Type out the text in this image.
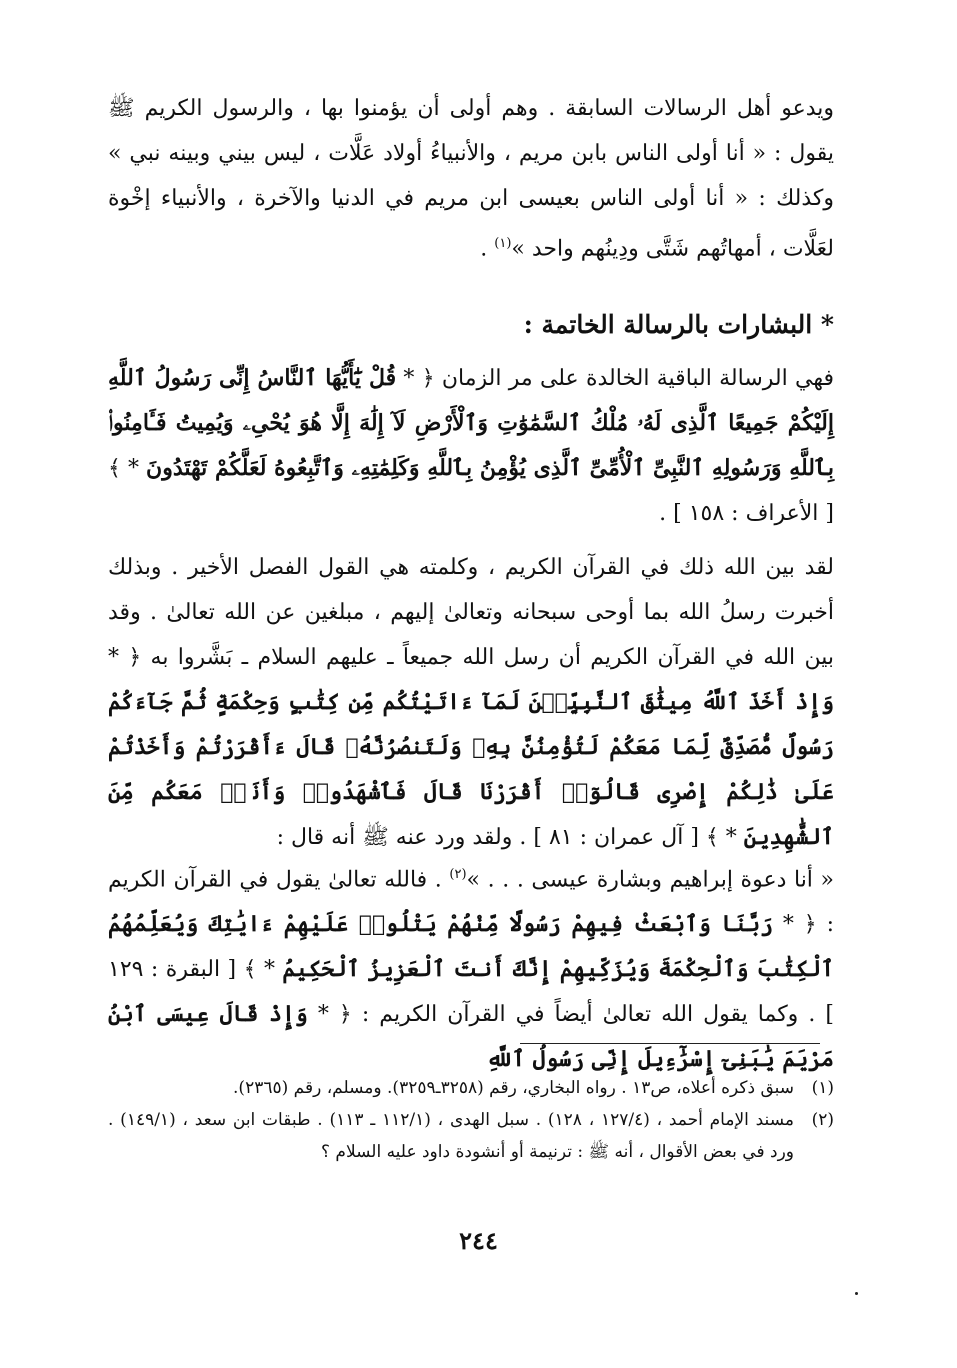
ويدعو أهل الرسالات السابقة . وهم أولى أن يؤمنوا بها ، والرسول الكريم ﷺ يقول : « أنا أولى الناس بابن مريم ، والأنبياءُ أولاد عَلَّات ، ليس بيني وبينه نبي » وكذلك : « أنا أولى الناس بعيسى ابن مريم في الدنيا والآخرة ، والأنبياء إخْوة لعَلَّات ، أمهاتُهم شَتَّى ودِينُهم واحد »$^{(١)}$ .

* البشارات بالرسالة الخاتمة :

فهي الرسالة الباقية الخالدة على مر الزمان ﴿ * قُلْ يَٰٓأَيُّهَا ٱلنَّاسُ إِنِّى رَسُولُ ٱللَّهِ إِلَيْكُمْ جَمِيعًا ٱلَّذِى لَهُۥ مُلْكُ ٱلسَّمَٰوَٰتِ وَٱلْأَرْضِ لَآ إِلَٰهَ إِلَّا هُوَ يُحْىِۦ وَيُمِيتُ فَـَٔامِنُوا۟ بِٱللَّهِ وَرَسُولِهِ ٱلنَّبِىِّ ٱلْأُمِّىِّ ٱلَّذِى يُؤْمِنُ بِٱللَّهِ وَكَلِمَٰتِهِۦ وَٱتَّبِعُوهُ لَعَلَّكُمْ تَهْتَدُونَ * ﴾ [ الأعراف : ١٥٨ ] .

لقد بين الله ذلك في القرآن الكريم ، وكلمته هي القول الفصل الأخير . وبذلك أخبرت رسلُ الله بما أوحى سبحانه وتعالىٰ إليهم ، مبلغين عن الله تعالىٰ . وقد بين الله في القرآن الكريم أن رسل الله جميعاً ـ عليهم السلام ـ بَشَّروا به ﴿ * وَإِذْ أَخَذَ ٱللَّهُ مِيثَٰقَ ٱلنَّبِيِّـۧنَ لَمَآ ءَاتَيْتُكُم مِّن كِتَٰبٍ وَحِكْمَةٍ ثُمَّ جَآءَكُمْ رَسُولٌ مُّصَدِّقٌ لِّمَا مَعَكُمْ لَتُؤْمِنُنَّ بِهِۦ وَلَتَنصُرُنَّهُۥ قَالَ ءَأَقْرَرْتُمْ وَأَخَذْتُمْ عَلَىٰ ذَٰلِكُمْ إِصْرِى قَالُوٓا۟ أَقْرَرْنَا قَالَ فَٱشْهَدُوا۟ وَأَنَا۠ مَعَكُم مِّنَ ٱلشَّٰهِدِينَ * ﴾ [ آل عمران : ٨١ ] . ولقد ورد عنه ﷺ أنه قال :

« أنا دعوة إبراهيم وبشارة عيسى . . . »$^{(٢)}$ . فالله تعالىٰ يقول في القرآن الكريم : ﴿ * رَبَّنَا وَٱبْعَثْ فِيهِمْ رَسُولًا مِّنْهُمْ يَتْلُوا۟ عَلَيْهِمْ ءَايَٰتِكَ وَيُعَلِّمُهُمُ ٱلْكِتَٰبَ وَٱلْحِكْمَةَ وَيُزَكِّيهِمْ إِنَّكَ أَنتَ ٱلْعَزِيزُ ٱلْحَكِيمُ * ﴾ [ البقرة : ١٢٩ ] . وكما يقول الله تعالىٰ أيضاً في القرآن الكريم : ﴿ * وَإِذْ قَالَ عِيسَى ٱبْنُ مَرْيَمَ يَٰبَنِىٓ إِسْرَٰٓءِيلَ إِنِّى رَسُولُ ٱللَّهِ

(١)
سبق ذكره أعلاه، ص١٣ . رواه البخاري، رقم (٣٢٥٨ـ٣٢٥٩). ومسلم، رقم (٢٣٦٥).
(٢)
مسند الإمام أحمد ، (١٢٧/٤ ، ١٢٨) . سبل الهدى ، (١١٢/١ ـ ١١٣) . طبقات ابن سعد ، (١٤٩/١) . ورد في بعض الأقوال ، أنه ﷺ : ترنيمة أو أنشودة داود عليه السلام ؟
٢٤٤
